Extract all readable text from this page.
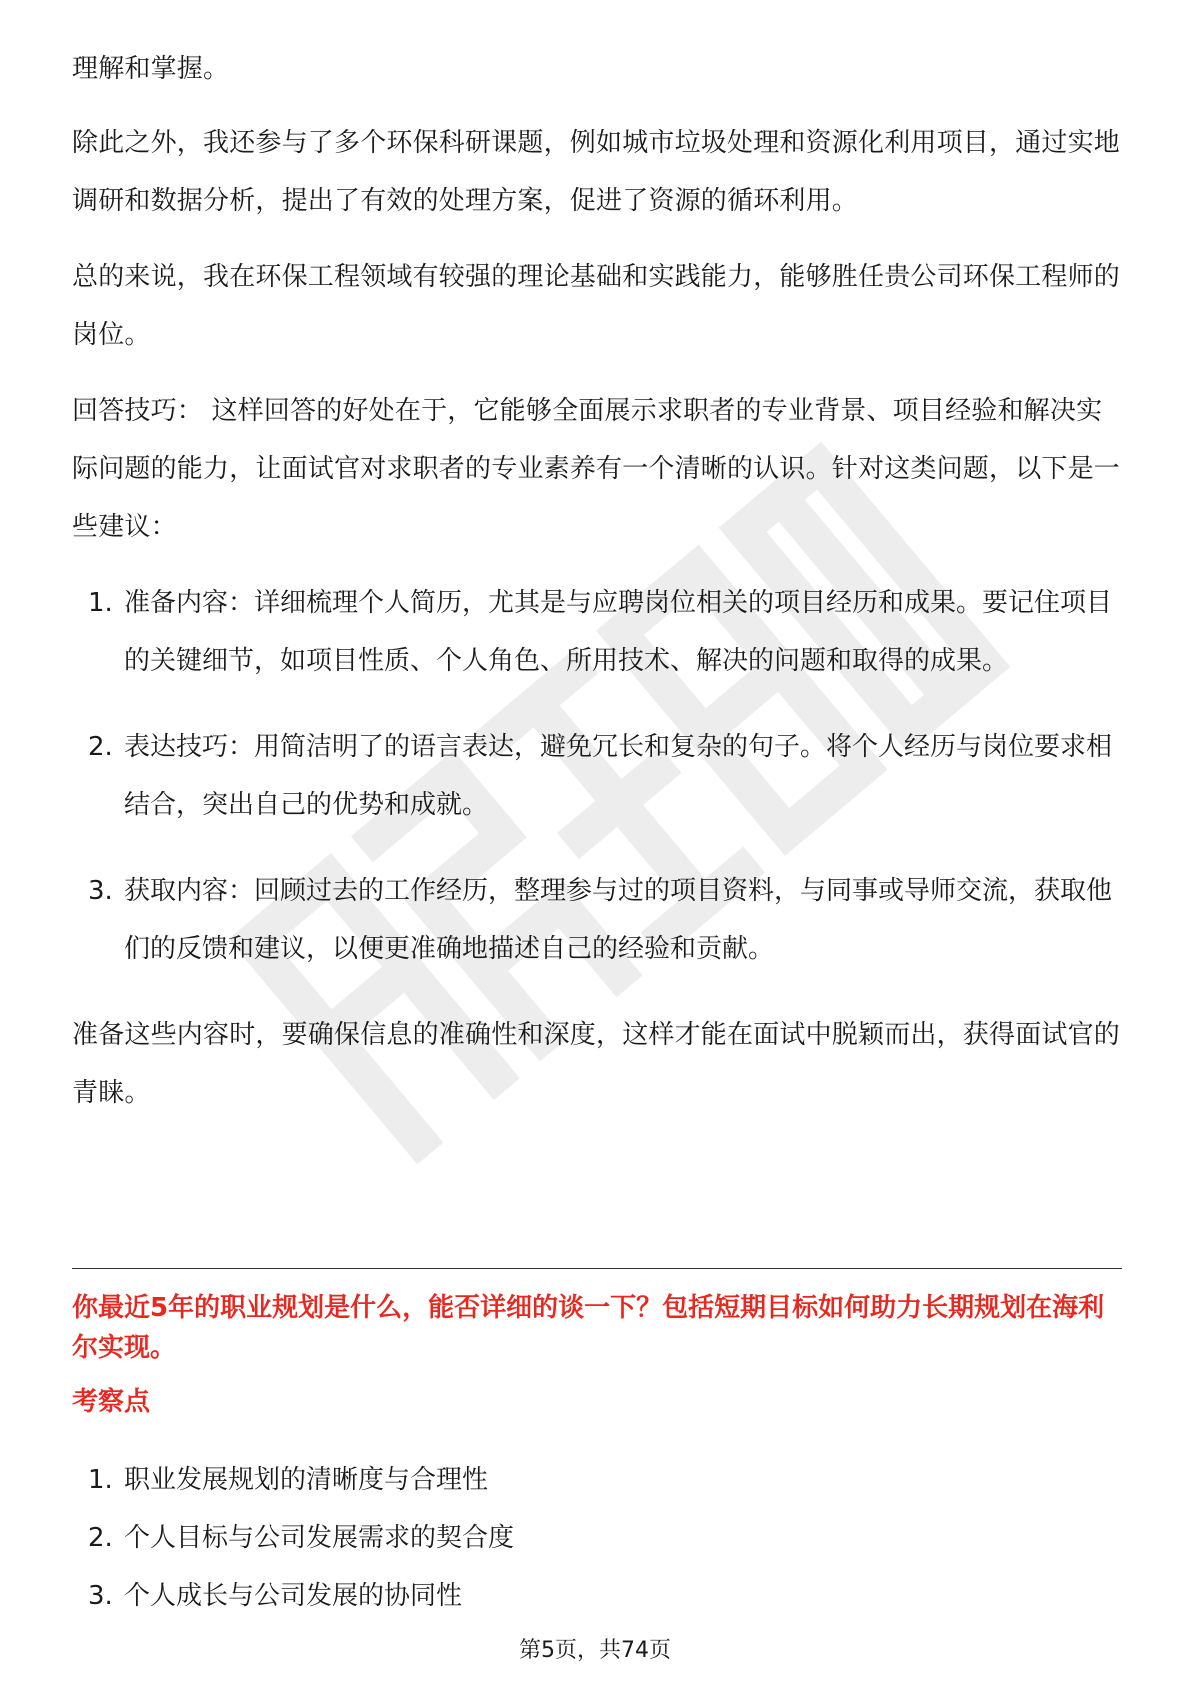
理解和掌握。

除此之外，我还参与了多个环保科研课题，例如城市垃圾处理和资源化利用项目，通过实地调研和数据分析，提出了有效的处理方案，促进了资源的循环利用。

总的来说，我在环保工程领域有较强的理论基础和实践能力，能够胜任贵公司环保工程师的岗位。

回答技巧： 这样回答的好处在于，它能够全面展示求职者的专业背景、项目经验和解决实际问题的能力，让面试官对求职者的专业素养有一个清晰的认识。针对这类问题，以下是一些建议：

1. 准备内容：详细梳理个人简历，尤其是与应聘岗位相关的项目经历和成果。要记住项目的关键细节，如项目性质、个人角色、所用技术、解决的问题和取得的成果。
2. 表达技巧：用简洁明了的语言表达，避免冗长和复杂的句子。将个人经历与岗位要求相结合，突出自己的优势和成就。
3. 获取内容：回顾过去的工作经历，整理参与过的项目资料，与同事或导师交流，获取他们的反馈和建议，以便更准确地描述自己的经验和贡献。

准备这些内容时，要确保信息的准确性和深度，这样才能在面试中脱颖而出，获得面试官的青睐。

你最近5年的职业规划是什么，能否详细的谈一下？包括短期目标如何助力长期规划在海利尔实现。
考察点
1. 职业发展规划的清晰度与合理性
2. 个人目标与公司发展需求的契合度
3. 个人成长与公司发展的协同性
第5页，共74页
